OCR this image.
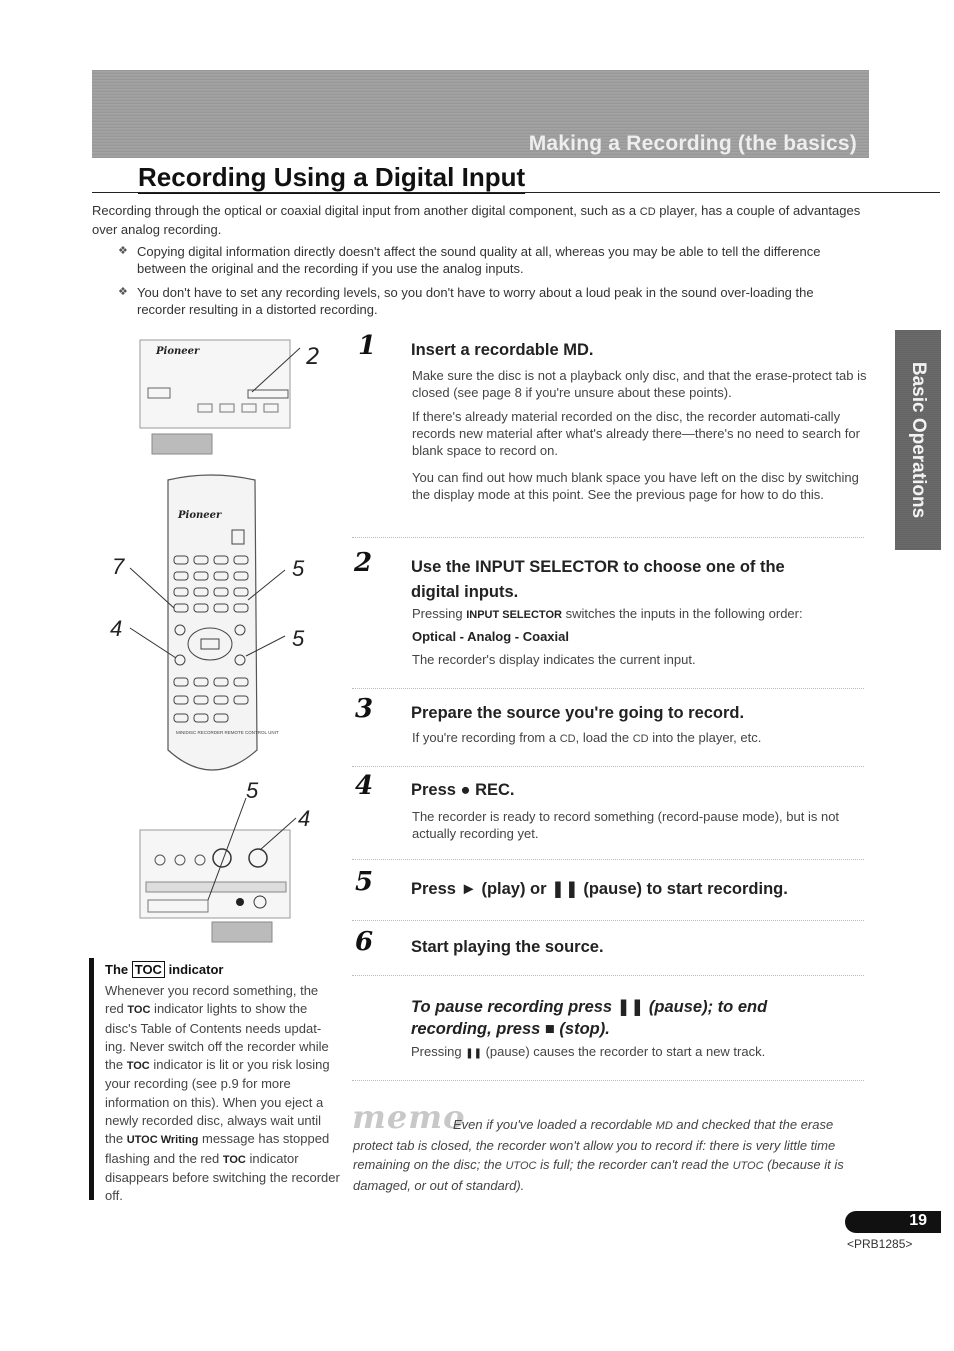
Making a Recording (the basics)
Recording Using a Digital Input
Recording through the optical or coaxial digital input from another digital component, such as a CD player, has a couple of advantages over analog recording.
❖ Copying digital information directly doesn't affect the sound quality at all, whereas you may be able to tell the difference between the original and the recording if you use the analog inputs.
❖ You don't have to set any recording levels, so you don't have to worry about a loud peak in the sound over-loading the recorder resulting in a distorted recording.
Basic Operations
Pioneer
Pioneer
MINIDISC RECORDER REMOTE CONTROL UNIT
2
7
4
5
5
5
4
1 Insert a recordable MD.
Make sure the disc is not a playback only disc, and that the erase-protect tab is closed (see page 8 if you're unsure about these points).
If there's already material recorded on the disc, the recorder automati-cally records new material after what's already there—there's no need to search for blank space to record on.
You can find out how much blank space you have left on the disc by switching the display mode at this point. See the previous page for how to do this.
2 Use the INPUT SELECTOR to choose one of the
digital inputs.
Pressing INPUT SELECTOR switches the inputs in the following order:
Optical - Analog - Coaxial
The recorder's display indicates the current input.
3 Prepare the source you're going to record.
If you're recording from a CD, load the CD into the player, etc.
4 Press ● REC.
The recorder is ready to record something (record-pause mode), but is not actually recording yet.
5 Press ► (play) or ❚❚ (pause) to start recording.
6 Start playing the source.
To pause recording press ❚❚ (pause); to end recording, press ■ (stop).
Pressing ❚❚ (pause) causes the recorder to start a new track.
memo
Even if you've loaded a recordable MD and checked that the erase protect tab is closed, the recorder won't allow you to record if: there is very little time remaining on the disc; the UTOC is full; the recorder can't read the UTOC (because it is damaged, or out of standard).
The TOC indicator
Whenever you record something, the red TOC indicator lights to show the disc's Table of Contents needs updat-ing. Never switch off the recorder while the TOC indicator is lit or you risk losing your recording (see p.9 for more information on this). When you eject a newly recorded disc, always wait until the UTOC Writing message has stopped flashing and the red TOC indicator disappears before switching the recorder off.
19
<PRB1285>
